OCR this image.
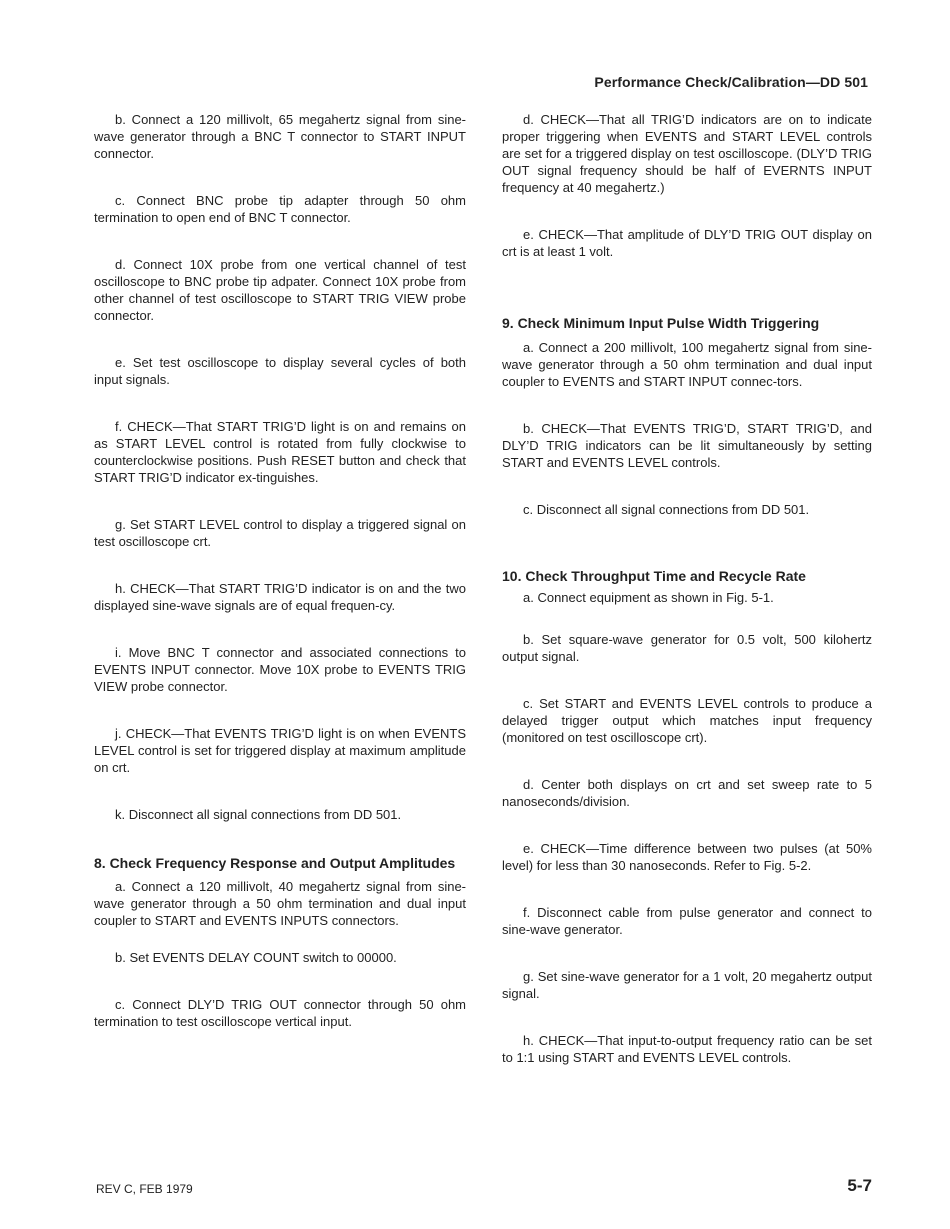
Performance Check/Calibration—DD 501

b. Connect a 120 millivolt, 65 megahertz signal from sine-wave generator through a BNC T connector to START INPUT connector.

c. Connect BNC probe tip adapter through 50 ohm termination to open end of BNC T connector.

d. Connect 10X probe from one vertical channel of test oscilloscope to BNC probe tip adpater. Connect 10X probe from other channel of test oscilloscope to START TRIG VIEW probe connector.

e. Set test oscilloscope to display several cycles of both input signals.

f. CHECK—That START TRIG’D light is on and remains on as START LEVEL control is rotated from fully clockwise to counterclockwise positions. Push RESET button and check that START TRIG’D indicator ex-tinguishes.

g. Set START LEVEL control to display a triggered signal on test oscilloscope crt.

h. CHECK—That START TRIG’D indicator is on and the two displayed sine-wave signals are of equal frequen-cy.

i. Move BNC T connector and associated connections to EVENTS INPUT connector. Move 10X probe to EVENTS TRIG VIEW probe connector.

j. CHECK—That EVENTS TRIG’D light is on when EVENTS LEVEL control is set for triggered display at maximum amplitude on crt.

k. Disconnect all signal connections from DD 501.

8. Check Frequency Response and Output Amplitudes

a. Connect a 120 millivolt, 40 megahertz signal from sine-wave generator through a 50 ohm termination and dual input coupler to START and EVENTS INPUTS connectors.

b. Set EVENTS DELAY COUNT switch to 00000.

c. Connect DLY’D TRIG OUT connector through 50 ohm termination to test oscilloscope vertical input.

d. CHECK—That all TRIG’D indicators are on to indicate proper triggering when EVENTS and START LEVEL controls are set for a triggered display on test oscilloscope. (DLY’D TRIG OUT signal frequency should be half of EVERNTS INPUT frequency at 40 megahertz.)

e. CHECK—That amplitude of DLY’D TRIG OUT display on crt is at least 1 volt.

9. Check Minimum Input Pulse Width Triggering

a. Connect a 200 millivolt, 100 megahertz signal from sine-wave generator through a 50 ohm termination and dual input coupler to EVENTS and START INPUT connec-tors.

b. CHECK—That EVENTS TRIG’D, START TRIG’D, and DLY’D TRIG indicators can be lit simultaneously by setting START and EVENTS LEVEL controls.

c. Disconnect all signal connections from DD 501.

10. Check Throughput Time and Recycle Rate

a. Connect equipment as shown in Fig. 5-1.

b. Set square-wave generator for 0.5 volt, 500 kilohertz output signal.

c. Set START and EVENTS LEVEL controls to produce a delayed trigger output which matches input frequency (monitored on test oscilloscope crt).

d. Center both displays on crt and set sweep rate to 5 nanoseconds/division.

e. CHECK—Time difference between two pulses (at 50% level) for less than 30 nanoseconds. Refer to Fig. 5-2.

f. Disconnect cable from pulse generator and connect to sine-wave generator.

g. Set sine-wave generator for a 1 volt, 20 megahertz output signal.

h. CHECK—That input-to-output frequency ratio can be set to 1:1 using START and EVENTS LEVEL controls.

REV C, FEB 1979	5-7
